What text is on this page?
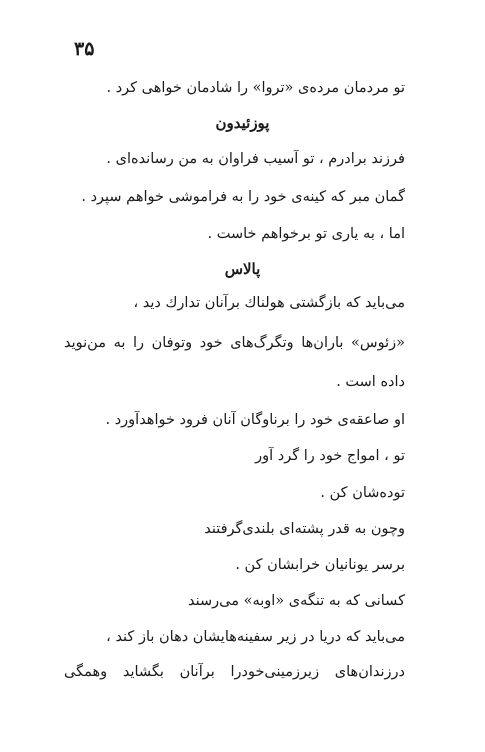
۳۵
تو مردمان مرده‌ی «تروا» را شادمان خواهی کرد .
پوزئیدون
فرزند برادرم ، تو آسیب فراوان به من رسانده‌ای .
گمان مبر که کینه‌ی خود را به فراموشی خواهم سپرد .
اما ، به یاری تو برخواهم خاست .
پالاس
می‌باید که بازگشتی هولناك برآنان تدارك دید ،
«زئوس» باران‌ها وتگرگ‌های خود وتوفان را به من‌نوید
داده است .
او صاعقه‌ی خود را برناوگان آنان فرود خواهدآورد .
تو ، امواج خود را گرد آور
توده‌شان کن .
وچون به قدر پشته‌ای بلندی‌گرفتند
برسر یونانیان خرابشان کن .
کسانی که به تنگه‌ی «اوبه» می‌رسند
می‌باید که دریا در زیر سفینه‌هایشان دهان باز کند ،
درزندان‌های زیرزمینی‌خودرا برآنان بگشاید وهمگی
